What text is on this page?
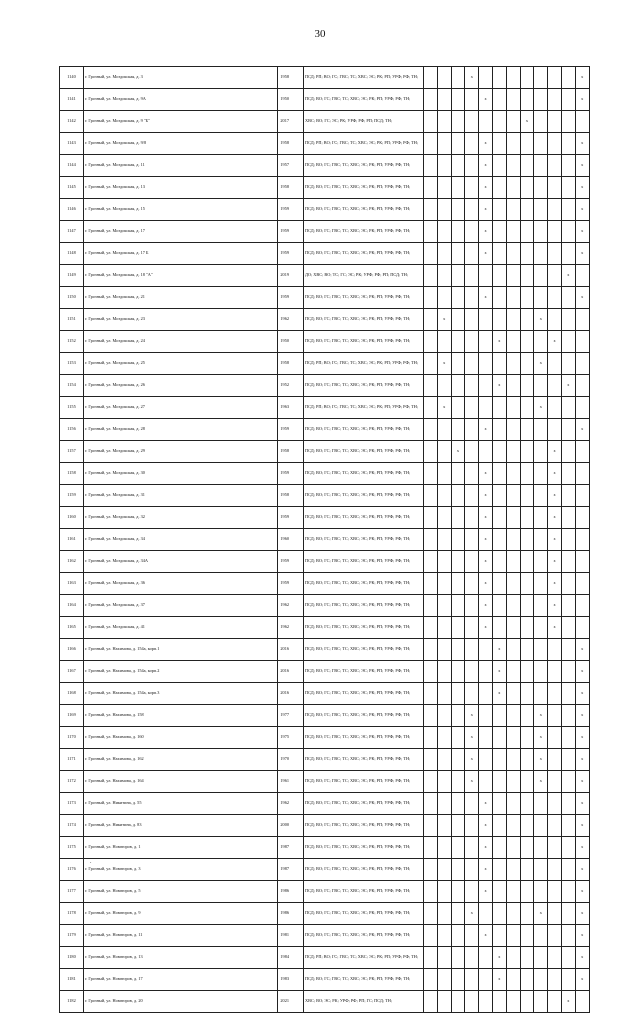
30
1140	г. Грозный, ул. Моздокская, д. 3	1958	ПСД; РП; ВО; ГС; ГВС; ТС; ХВС; ЭС; РК; РП; УРФ; РФ; ТН;				x								x
1141	г. Грозный, ул. Моздокская, д. 9А	1950	ПСД; ВО; ГС; ГВС; ТС; ХВС; ЭС; РК; РП; УРФ; РФ; ТН;					x							x
1142	г. Грозный, ул. Моздокская, д. 9 "Б"	2017	ХВС; ВО; ГС; ЭС; РК; УРФ; РФ; РП; ПСД; ТН;								x				
1143	г. Грозный, ул. Моздокская, д. 9/8	1958	ПСД; РП; ВО; ГС; ГВС; ТС; ХВС; ЭС; РК; РП; УРФ; РФ; ТН;					x							x
1144	г. Грозный, ул. Моздокская, д. 11	1957	ПСД; ВО; ГС; ГВС; ТС; ХВС; ЭС; РК; РП; УРФ; РФ; ТН;					x							x
1145	г. Грозный, ул. Моздокская, д. 13	1958	ПСД; ВО; ГС; ГВС; ТС; ХВС; ЭС; РК; РП; УРФ; РФ; ТН;					x							x
1146	г. Грозный, ул. Моздокская, д. 15	1959	ПСД; ВО; ГС; ГВС; ТС; ХВС; ЭС; РК; РП; УРФ; РФ; ТН;					x							x
1147	г. Грозный, ул. Моздокская, д. 17	1959	ПСД; ВО; ГС; ГВС; ТС; ХВС; ЭС; РК; РП; УРФ; РФ; ТН;					x							x
1148	г. Грозный, ул. Моздокская, д. 17 Б	1959	ПСД; ВО; ГС; ГВС; ТС; ХВС; ЭС; РК; РП; УРФ; РФ; ТН;					x							x
1149	г. Грозный, ул. Моздокская, д. 18 "А"	2019	ДО; ХВС; ВО; ТС; ГС; ЭС; РК; УРФ; РФ; РП; ПСД; ТН;											x	
1150	г. Грозный, ул. Моздокская, д. 21	1959	ПСД; ВО; ГС; ГВС; ТС; ХВС; ЭС; РК; РП; УРФ; РФ; ТН;					x							x
1151	г. Грозный, ул. Моздокская, д. 23	1962	ПСД; ВО; ГС; ГВС; ТС; ХВС; ЭС; РК; РП; УРФ; РФ; ТН;		x							x			
1152	г. Грозный, ул. Моздокская, д. 24	1950	ПСД; ВО; ГС; ГВС; ТС; ХВС; ЭС; РК; РП; УРФ; РФ; ТН;						x				x		
1153	г. Грозный, ул. Моздокская, д. 25	1958	ПСД; РП; ВО; ГС; ГВС; ТС; ХВС; ЭС; РК; РП; УРФ; РФ; ТН;		x							x			
1154	г. Грозный, ул. Моздокская, д. 26	1952	ПСД; ВО; ГС; ГВС; ТС; ХВС; ЭС; РК; РП; УРФ; РФ; ТН;						x					x	
1155	г. Грозный, ул. Моздокская, д. 27	1963	ПСД; РП; ВО; ГС; ГВС; ТС; ХВС; ЭС; РК; РП; УРФ; РФ; ТН;		x							x			
1156	г. Грозный, ул. Моздокская, д. 28	1959	ПСД; ВО; ГС; ГВС; ТС; ХВС; ЭС; РК; РП; УРФ; РФ; ТН;					x							x
1157	г. Грозный, ул. Моздокская, д. 29	1958	ПСД; ВО; ГС; ГВС; ТС; ХВС; ЭС; РК; РП; УРФ; РФ; ТН;			x							x		
1158	г. Грозный, ул. Моздокская, д. 30	1959	ПСД; ВО; ГС; ГВС; ТС; ХВС; ЭС; РК; РП; УРФ; РФ; ТН;					x					x		
1159	г. Грозный, ул. Моздокская, д. 31	1958	ПСД; ВО; ГС; ГВС; ТС; ХВС; ЭС; РК; РП; УРФ; РФ; ТН;					x					x		
1160	г. Грозный, ул. Моздокская, д. 32	1959	ПСД; ВО; ГС; ГВС; ТС; ХВС; ЭС; РК; РП; УРФ; РФ; ТН;					x					x		
1161	г. Грозный, ул. Моздокская, д. 34	1960	ПСД; ВО; ГС; ГВС; ТС; ХВС; ЭС; РК; РП; УРФ; РФ; ТН;					x					x		
1162	г. Грозный, ул. Моздокская, д. 34А	1959	ПСД; ВО; ГС; ГВС; ТС; ХВС; ЭС; РК; РП; УРФ; РФ; ТН;					x					x		
1163	г. Грозный, ул. Моздокская, д. 36	1959	ПСД; ВО; ГС; ГВС; ТС; ХВС; ЭС; РК; РП; УРФ; РФ; ТН;					x					x		
1164	г. Грозный, ул. Моздокская, д. 37	1962	ПСД; ВО; ГС; ГВС; ТС; ХВС; ЭС; РК; РП; УРФ; РФ; ТН;					x					x		
1165	г. Грозный, ул. Моздокская, д. 41	1962	ПСД; ВО; ГС; ГВС; ТС; ХВС; ЭС; РК; РП; УРФ; РФ; ТН;					x					x		
1166	г. Грозный, ул. Нахимова, д. 154а, корп.1	2016	ПСД; ВО; ГС; ГВС; ТС; ХВС; ЭС; РК; РП; УРФ; РФ; ТН;						x						x
1167	г. Грозный, ул. Нахимова, д. 154а, корп.2	2016	ПСД; ВО; ГС; ГВС; ТС; ХВС; ЭС; РК; РП; УРФ; РФ; ТН;						x						x
1168	г. Грозный, ул. Нахимова, д. 154а, корп.3	2016	ПСД; ВО; ГС; ГВС; ТС; ХВС; ЭС; РК; РП; УРФ; РФ; ТН;						x						x
1169	г. Грозный, ул. Нахимова, д. 158	1977	ПСД; ВО; ГС; ГВС; ТС; ХВС; ЭС; РК; РП; УРФ; РФ; ТН;				x					x			x
1170	г. Грозный, ул. Нахимова, д. 160	1975	ПСД; ВО; ГС; ГВС; ТС; ХВС; ЭС; РК; РП; УРФ; РФ; ТН;				x					x			x
1171	г. Грозный, ул. Нахимова, д. 162	1970	ПСД; ВО; ГС; ГВС; ТС; ХВС; ЭС; РК; РП; УРФ; РФ; ТН;				x					x			x
1172	г. Грозный, ул. Нахимова, д. 164	1961	ПСД; ВО; ГС; ГВС; ТС; ХВС; ЭС; РК; РП; УРФ; РФ; ТН;				x					x			x
1173	г. Грозный, ул. Никитина, д. 55	1962	ПСД; ВО; ГС; ГВС; ТС; ХВС; ЭС; РК; РП; УРФ; РФ; ТН;					x							x
1174	г. Грозный, ул. Никитина, д. 83	2000	ПСД; ВО; ГС; ГВС; ТС; ХВС; ЭС; РК; РП; УРФ; РФ; ТН;					x							x
1175	г. Грозный, ул. Новаторов, д. 1	1987	ПСД; ВО; ГС; ГВС; ТС; ХВС; ЭС; РК; РП; УРФ; РФ; ТН;					x							x
1176	г. Грозный, ул. Новаторов, д. 3	1987	ПСД; ВО; ГС; ГВС; ТС; ХВС; ЭС; РК; РП; УРФ; РФ; ТН;					x							x
1177	г. Грозный, ул. Новаторов, д. 5	1986	ПСД; ВО; ГС; ГВС; ТС; ХВС; ЭС; РК; РП; УРФ; РФ; ТН;					x							x
1178	г. Грозный, ул. Новаторов, д. 9	1986	ПСД; ВО; ГС; ГВС; ТС; ХВС; ЭС; РК; РП; УРФ; РФ; ТН;				x					x			x
1179	г. Грозный, ул. Новаторов, д. 11	1981	ПСД; ВО; ГС; ГВС; ТС; ХВС; ЭС; РК; РП; УРФ; РФ; ТН;					x							x
1180	г. Грозный, ул. Новаторов, д. 13	1984	ПСД; РП; ВО; ГС; ГВС; ТС; ХВС; ЭС; РК; РП; УРФ; РФ; ТН;						x						x
1181	г. Грозный, ул. Новаторов, д. 17	1983	ПСД; ВО; ГС; ГВС; ТС; ХВС; ЭС; РК; РП; УРФ; РФ; ТН;						x						x
1182	г. Грозный, ул. Новаторов, д. 20	2021	ХВС; ВО; ЭС; РК; УРФ; РФ; РП; ГС; ПСД; ТН;											x	
.
